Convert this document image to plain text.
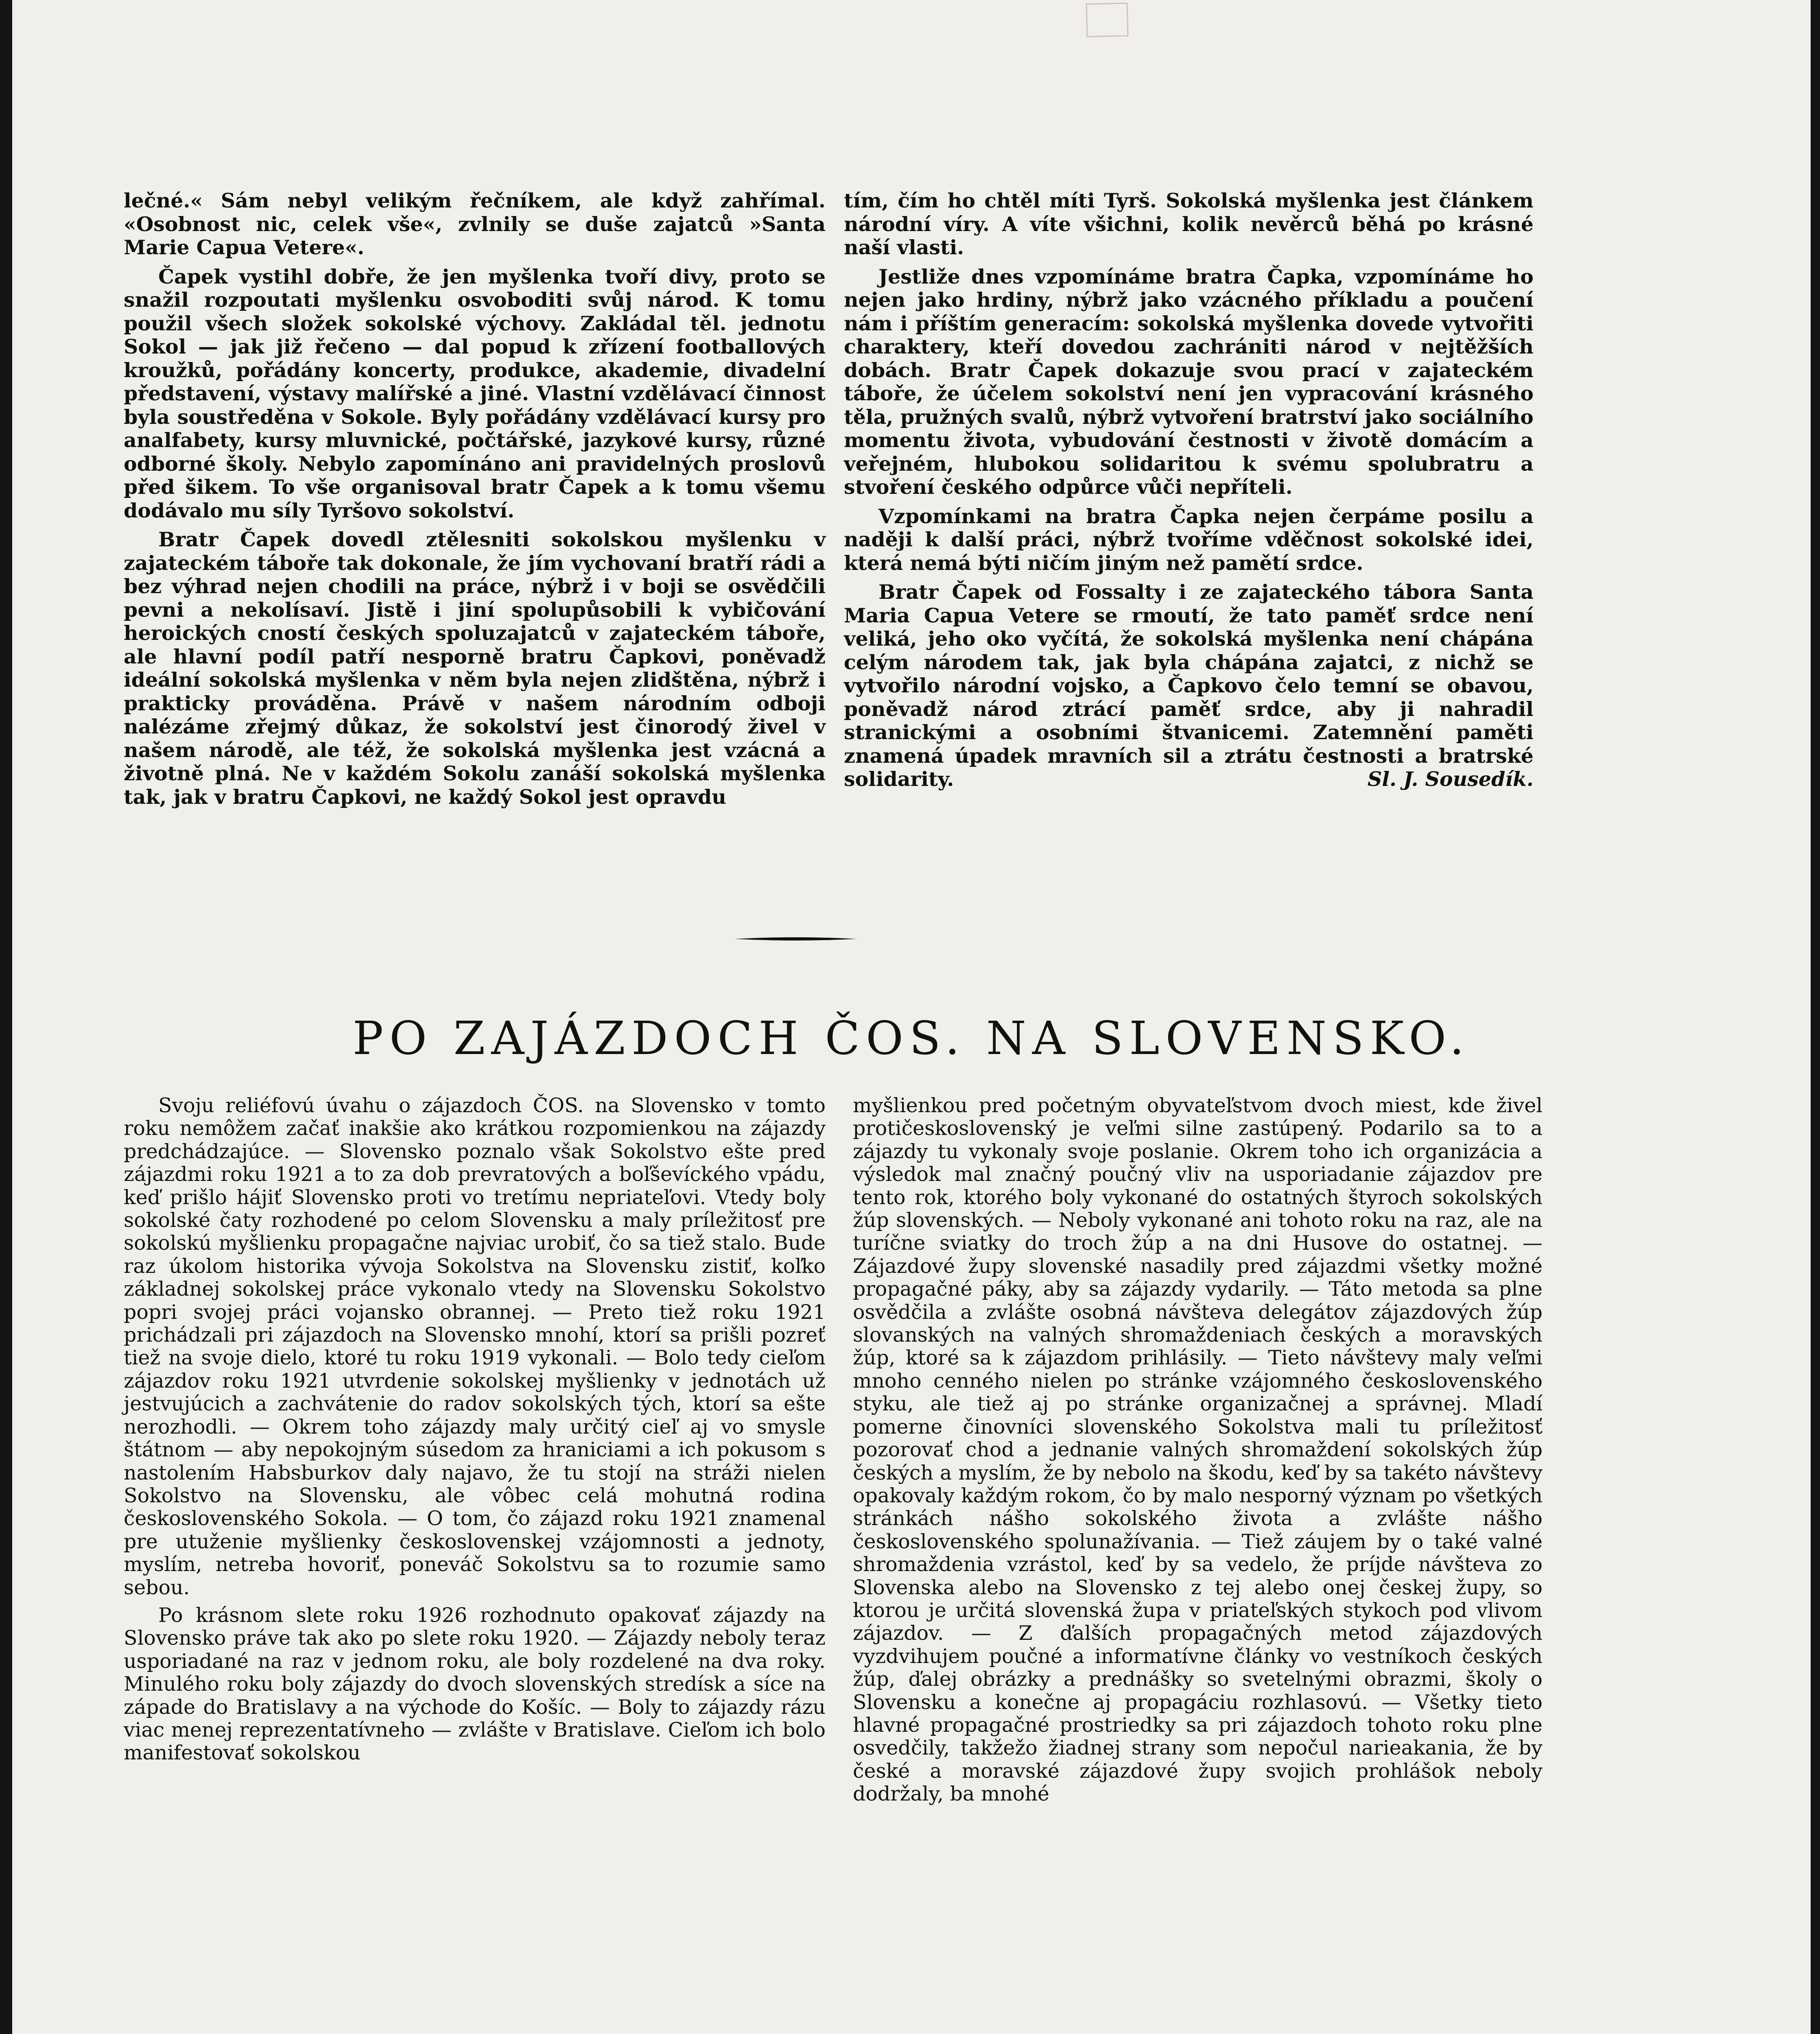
lečné.« Sám nebyl velikým řečníkem, ale když zahřímal. «Osobnost nic, celek vše«, zvlnily se duše zajatců »Santa Marie Capua Vetere«.

Čapek vystihl dobře, že jen myšlenka tvoří divy, proto se snažil rozpoutati myšlenku osvoboditi svůj národ. K tomu použil všech složek sokolské výchovy. Zakládal těl. jednotu Sokol — jak již řečeno — dal popud k zřízení footballových kroužků, pořádány koncerty, produkce, akademie, divadelní představení, výstavy malířské a jiné. Vlastní vzdělávací činnost byla soustředěna v Sokole. Byly pořádány vzdělávací kursy pro analfabety, kursy mluvnické, počtářské, jazykové kursy, různé odborné školy. Nebylo zapomínáno ani pravidelných proslovů před šikem. To vše organisoval bratr Čapek a k tomu všemu dodávalo mu síly Tyršovo sokolství.

Bratr Čapek dovedl ztělesniti sokolskou myšlenku v zajateckém táboře tak dokonale, že jím vychovaní bratří rádi a bez výhrad nejen chodili na práce, nýbrž i v boji se osvědčili pevni a nekolísaví. Jistě i jiní spolupůsobili k vybičování heroických cností českých spoluzajatců v zajateckém táboře, ale hlavní podíl patří nesporně bratru Čapkovi, poněvadž ideální sokolská myšlenka v něm byla nejen zlidštěna, nýbrž i prakticky prováděna. Právě v našem národním odboji nalézáme zřejmý důkaz, že sokolství jest činorodý živel v našem národě, ale též, že sokolská myšlenka jest vzácná a životně plná. Ne v každém Sokolu zanáší sokolská myšlenka tak, jak v bratru Čapkovi, ne každý Sokol jest opravdu

tím, čím ho chtěl míti Tyrš. Sokolská myšlenka jest článkem národní víry. A víte všichni, kolik nevěrců běhá po krásné naší vlasti.

Jestliže dnes vzpomínáme bratra Čapka, vzpomínáme ho nejen jako hrdiny, nýbrž jako vzácného příkladu a poučení nám i příštím generacím: sokolská myšlenka dovede vytvořiti charaktery, kteří dovedou zachrániti národ v nejtěžších dobách. Bratr Čapek dokazuje svou prací v zajateckém táboře, že účelem sokolství není jen vypracování krásného těla, pružných svalů, nýbrž vytvoření bratrství jako sociálního momentu života, vybudování čestnosti v životě domácím a veřejném, hlubokou solidaritou k svému spolubratru a stvoření českého odpůrce vůči nepříteli.

Vzpomínkami na bratra Čapka nejen čerpáme posilu a naději k další práci, nýbrž tvoříme vděčnost sokolské idei, která nemá býti ničím jiným než pamětí srdce.

Bratr Čapek od Fossalty i ze zajateckého tábora Santa Maria Capua Vetere se rmoutí, že tato paměť srdce není veliká, jeho oko vyčítá, že sokolská myšlenka není chápána celým národem tak, jak byla chápána zajatci, z nichž se vytvořilo národní vojsko, a Čapkovo čelo temní se obavou, poněvadž národ ztrácí paměť srdce, aby ji nahradil stranickými a osobními štvanicemi. Zatemnění paměti znamená úpadek mravních sil a ztrátu čestnosti a bratrské solidarity.	Sl. J. Sousedík.

PO ZAJÁZDOCH ČOS. NA SLOVENSKO.

Svoju reliéfovú úvahu o zájazdoch ČOS. na Slovensko v tomto roku nemôžem začať inakšie ako krátkou rozpomienkou na zájazdy predchádzajúce. — Slovensko poznalo však Sokolstvo ešte pred zájazdmi roku 1921 a to za dob prevratových a boľševíckého vpádu, keď prišlo hájiť Slovensko proti vo tretímu nepriateľovi. Vtedy boly sokolské čaty rozhodené po celom Slovensku a maly príležitosť pre sokolskú myšlienku propagačne najviac urobiť, čo sa tiež stalo. Bude raz úkolom historika vývoja Sokolstva na Slovensku zistiť, koľko základnej sokolskej práce vykonalo vtedy na Slovensku Sokolstvo popri svojej práci vojansko obrannej. — Preto tiež roku 1921 prichádzali pri zájazdoch na Slovensko mnohí, ktorí sa prišli pozreť tiež na svoje dielo, ktoré tu roku 1919 vykonali. — Bolo tedy cieľom zájazdov roku 1921 utvrdenie sokolskej myšlienky v jednotách už jestvujúcich a zachvátenie do radov sokolských tých, ktorí sa ešte nerozhodli. — Okrem toho zájazdy maly určitý cieľ aj vo smysle štátnom — aby nepokojným súsedom za hraniciami a ich pokusom s nastolením Habsburkov daly najavo, že tu stojí na stráži nielen Sokolstvo na Slovensku, ale vôbec celá mohutná rodina československého Sokola. — O tom, čo zájazd roku 1921 znamenal pre utuženie myšlienky československej vzájomnosti a jednoty, myslím, netreba hovoriť, poneváč Sokolstvu sa to rozumie samo sebou.

Po krásnom slete roku 1926 rozhodnuto opakovať zájazdy na Slovensko práve tak ako po slete roku 1920. — Zájazdy neboly teraz usporiadané na raz v jednom roku, ale boly rozdelené na dva roky. Minulého roku boly zájazdy do dvoch slovenských stredísk a síce na západe do Bratislavy a na východe do Košíc. — Boly to zájazdy rázu viac menej reprezentatívneho — zvlášte v Bratislave. Cieľom ich bolo manifestovať sokolskou

myšlienkou pred početným obyvateľstvom dvoch miest, kde živel protičeskoslovenský je veľmi silne zastúpený. Podarilo sa to a zájazdy tu vykonaly svoje poslanie. Okrem toho ich organizácia a výsledok mal značný poučný vliv na usporiadanie zájazdov pre tento rok, ktorého boly vykonané do ostatných štyroch sokolských žúp slovenských. — Neboly vykonané ani tohoto roku na raz, ale na turíčne sviatky do troch žúp a na dni Husove do ostatnej. — Zájazdové župy slovenské nasadily pred zájazdmi všetky možné propagačné páky, aby sa zájazdy vydarily. — Táto metoda sa plne osvědčila a zvlášte osobná návšteva delegátov zájazdových žúp slovanských na valných shromaždeniach českých a moravských žúp, ktoré sa k zájazdom prihlásily. — Tieto návštevy maly veľmi mnoho cenného nielen po stránke vzájomného československého styku, ale tiež aj po stránke organizačnej a správnej. Mladí pomerne činovníci slovenského Sokolstva mali tu príležitosť pozorovať chod a jednanie valných shromaždení sokolských žúp českých a myslím, že by nebolo na škodu, keď by sa takéto návštevy opakovaly každým rokom, čo by malo nesporný význam po všetkých stránkách nášho sokolského života a zvlášte nášho československého spolunažívania. — Tiež záujem by o také valné shromaždenia vzrástol, keď by sa vedelo, že príjde návšteva zo Slovenska alebo na Slovensko z tej alebo onej českej župy, so ktorou je určitá slovenská župa v priateľských stykoch pod vlivom zájazdov. — Z ďalších propagačných metod zájazdových vyzdvihujem poučné a informatívne články vo vestníkoch českých žúp, ďalej obrázky a prednášky so svetelnými obrazmi, školy o Slovensku a konečne aj propagáciu rozhlasovú. — Všetky tieto hlavné propagačné prostriedky sa pri zájazdoch tohoto roku plne osvedčily, takžežo žiadnej strany som nepočul narieakania, že by české a moravské zájazdové župy svojich prohlášok neboly dodržaly, ba mnohé
